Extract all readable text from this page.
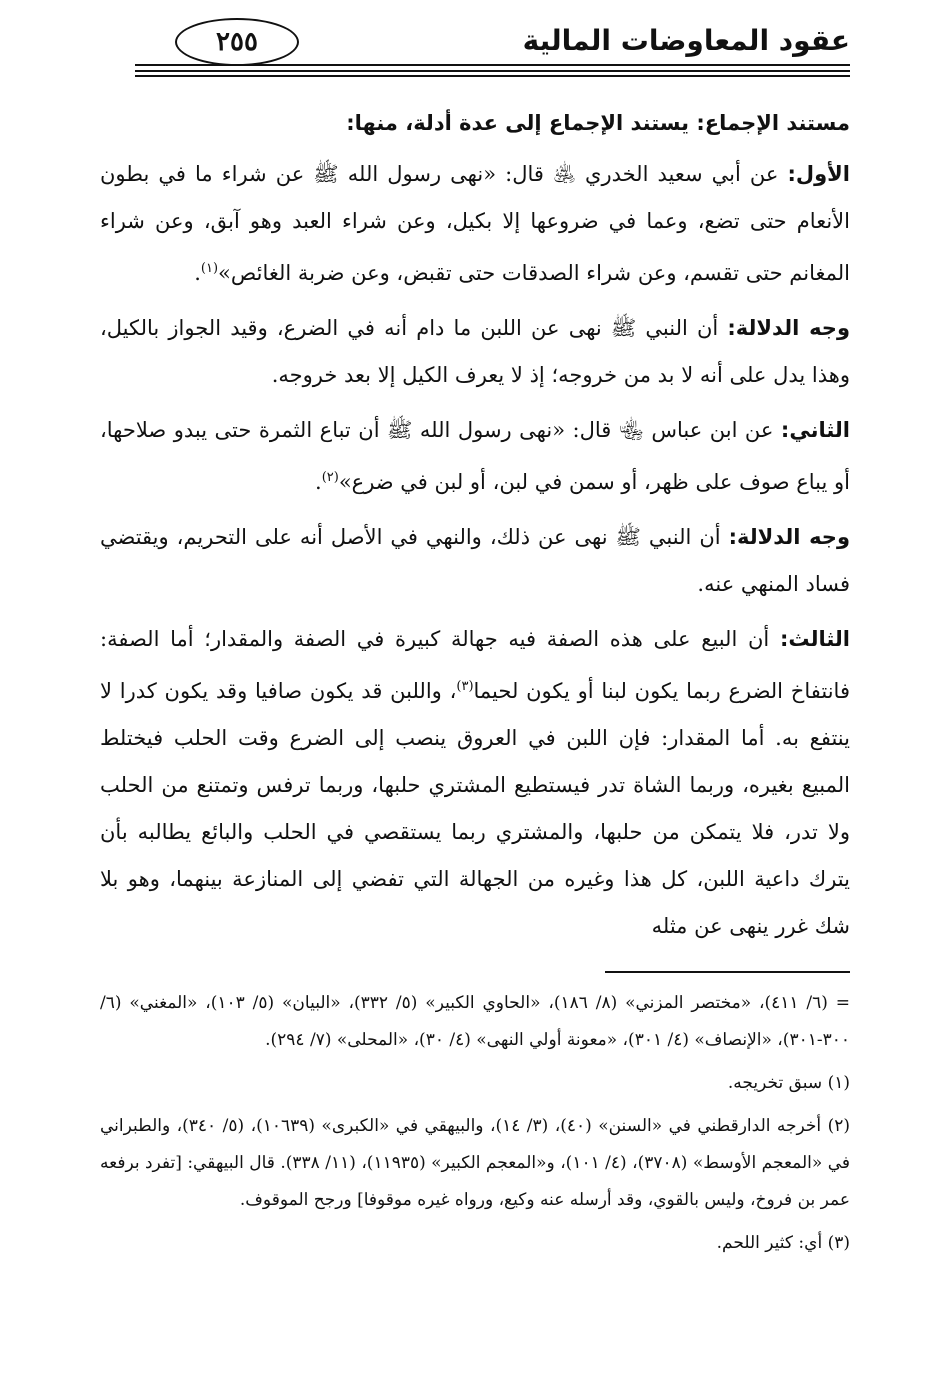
عقود المعاوضات المالية
٢٥٥

مستند الإجماع: يستند الإجماع إلى عدة أدلة، منها:

الأول: عن أبي سعيد الخدري ﵁ قال: «نهى رسول الله ﷺ عن شراء ما في بطون الأنعام حتى تضع، وعما في ضروعها إلا بكيل، وعن شراء العبد وهو آبق، وعن شراء المغانم حتى تقسم، وعن شراء الصدقات حتى تقبض، وعن ضربة الغائص»$^{(١)}$.

وجه الدلالة: أن النبي ﷺ نهى عن اللبن ما دام أنه في الضرع، وقيد الجواز بالكيل، وهذا يدل على أنه لا بد من خروجه؛ إذ لا يعرف الكيل إلا بعد خروجه.

الثاني: عن ابن عباس ﵄ قال: «نهى رسول الله ﷺ أن تباع الثمرة حتى يبدو صلاحها، أو يباع صوف على ظهر، أو سمن في لبن، أو لبن في ضرع»$^{(٢)}$.

وجه الدلالة: أن النبي ﷺ نهى عن ذلك، والنهي في الأصل أنه على التحريم، ويقتضي فساد المنهي عنه.

الثالث: أن البيع على هذه الصفة فيه جهالة كبيرة في الصفة والمقدار؛ أما الصفة: فانتفاخ الضرع ربما يكون لبنا أو يكون لحيما$^{(٣)}$، واللبن قد يكون صافيا وقد يكون كدرا لا ينتفع به. أما المقدار: فإن اللبن في العروق ينصب إلى الضرع وقت الحلب فيختلط المبيع بغيره، وربما الشاة تدر فيستطيع المشتري حلبها، وربما ترفس وتمتنع من الحلب ولا تدر، فلا يتمكن من حلبها، والمشتري ربما يستقصي في الحلب والبائع يطالبه بأن يترك داعية اللبن، كل هذا وغيره من الجهالة التي تفضي إلى المنازعة بينهما، وهو بلا شك غرر ينهى عن مثله

= (٦/ ٤١١)، «مختصر المزني» (٨/ ١٨٦)، «الحاوي الكبير» (٥/ ٣٣٢)، «البيان» (٥/ ١٠٣)، «المغني» (٦/ ٣٠٠-٣٠١)، «الإنصاف» (٤/ ٣٠١)، «معونة أولي النهى» (٤/ ٣٠)، «المحلى» (٧/ ٢٩٤).

(١) سبق تخريجه.

(٢) أخرجه الدارقطني في «السنن» (٤٠)، (٣/ ١٤)، والبيهقي في «الكبرى» (١٠٦٣٩)، (٥/ ٣٤٠)، والطبراني في «المعجم الأوسط» (٣٧٠٨)، (٤/ ١٠١)، و«المعجم الكبير» (١١٩٣٥)، (١١/ ٣٣٨). قال البيهقي: [تفرد برفعه عمر بن فروخ، وليس بالقوي، وقد أرسله عنه وكيع، ورواه غيره موقوفا] ورجح الموقوف.

(٣) أي: كثير اللحم.
